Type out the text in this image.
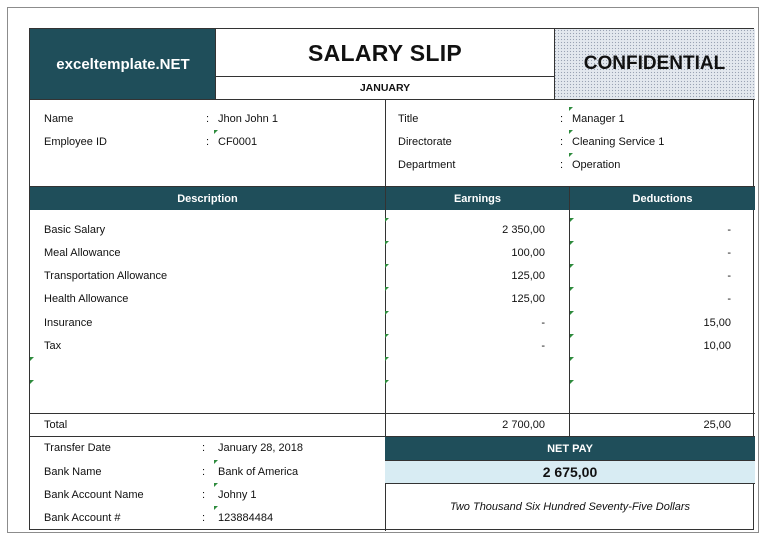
exceltemplate.NET	SALARY SLIP
JANUARY
CONFIDENTIAL
Name	: Jhon John 1
Employee ID	: CF0001
Title	: Manager 1
Directorate	: Cleaning Service 1
Department	: Operation
Description	Earnings	Deductions
Basic Salary	2 350,00	-
Meal Allowance	100,00	-
Transportation Allowance	125,00	-
Health Allowance	125,00	-
Insurance	-	15,00
Tax	-	10,00
Total	2 700,00	25,00
Transfer Date	: January 28, 2018
Bank Name	: Bank of America
Bank Account Name	: Johny 1
Bank Account #	: 123884484
NET PAY
2 675,00
Two Thousand Six Hundred Seventy-Five Dollars
